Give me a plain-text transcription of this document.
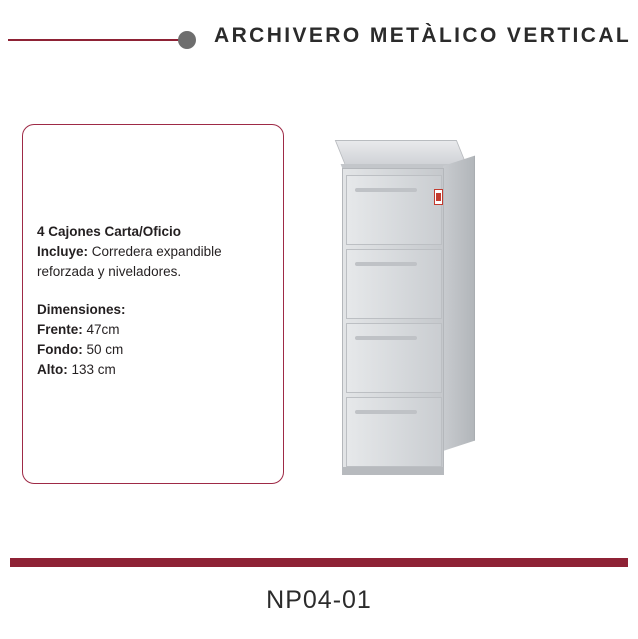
ARCHIVERO METÀLICO VERTICAL
4 Cajones Carta/Oficio
Incluye: Corredera expandible
reforzada y niveladores.
Dimensiones:
Frente: 47cm
Fondo: 50 cm
Alto: 133 cm
NP04-01
